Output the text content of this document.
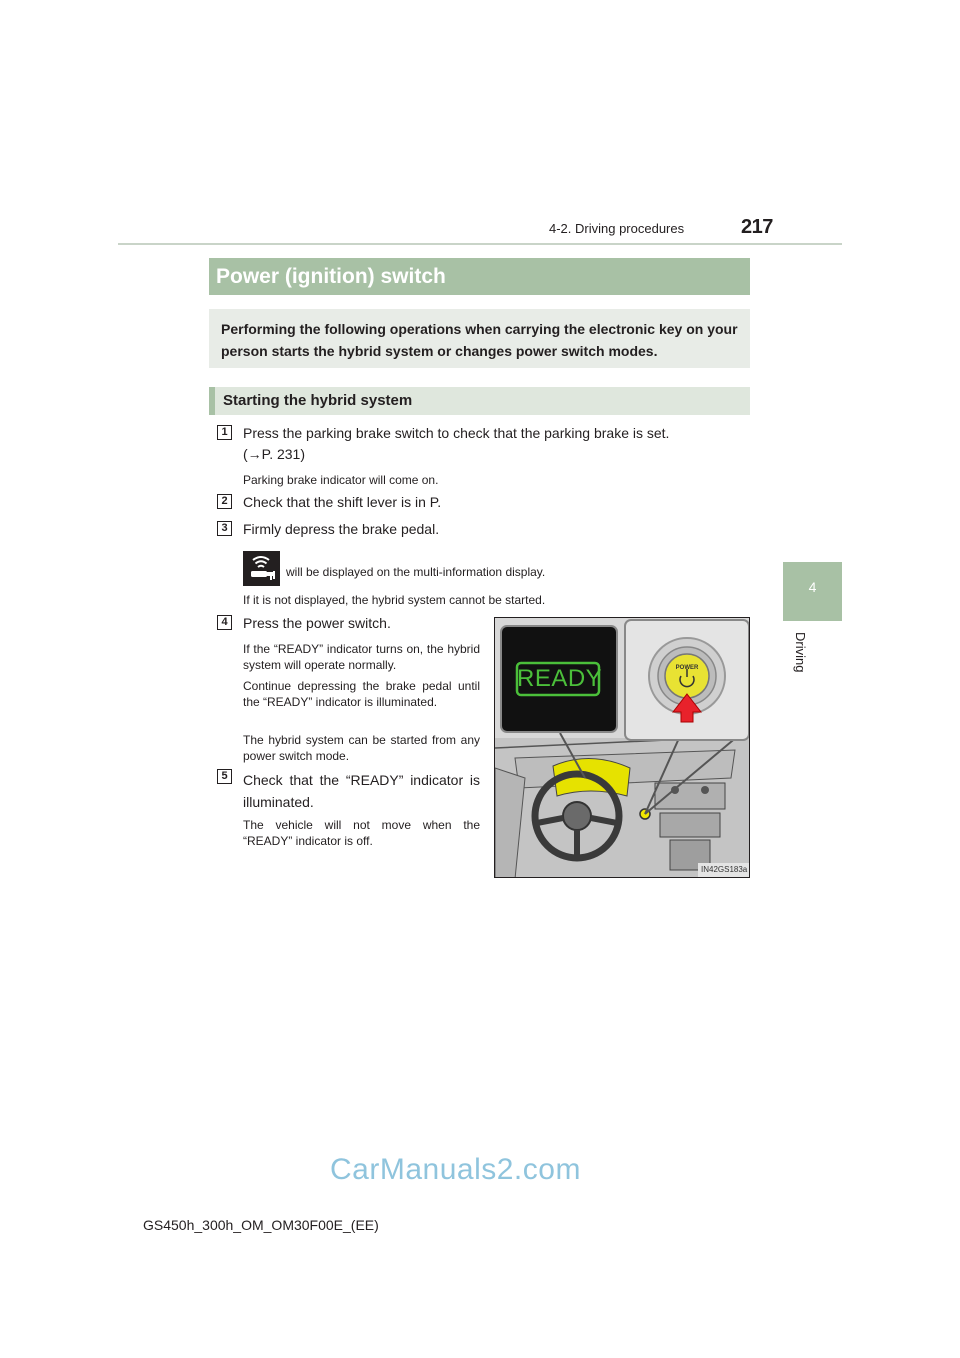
4-2. Driving procedures	217
4
Driving
Power (ignition) switch
Performing the following operations when carrying the electronic key on your person starts the hybrid system or changes power switch modes.
Starting the hybrid system
1	Press the parking brake switch to check that the parking brake is set.
(→P. 231)
Parking brake indicator will come on.
2	Check that the shift lever is in P.
3	Firmly depress the brake pedal.
will be displayed on the multi-information display.
If it is not displayed, the hybrid system cannot be started.
4	Press the power switch.
If the “READY” indicator turns on, the hybrid system will operate normally.
Continue depressing the brake pedal until the “READY” indicator is illuminated.
The hybrid system can be started from any power switch mode.
5	Check that the “READY” indicator is illuminated.
The vehicle will not move when the “READY” indicator is off.
READY	POWER
IN42GS183a
CarManuals2.com
GS450h_300h_OM_OM30F00E_(EE)
